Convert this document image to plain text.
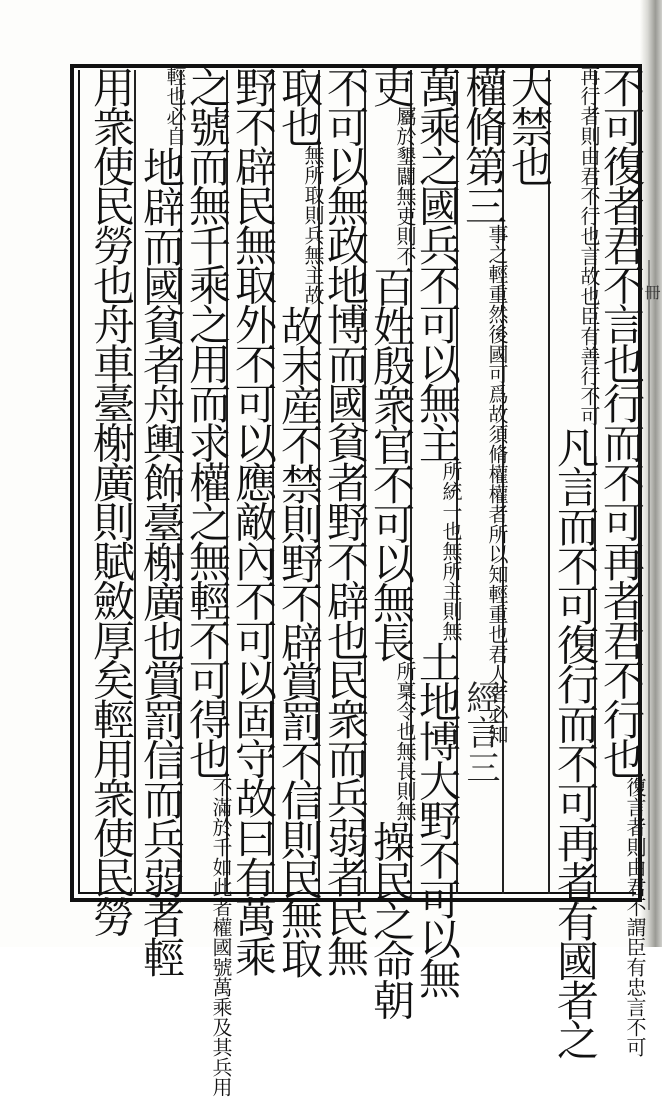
冊
不可復者君不言也行而不可再者君不行也
謂臣有忠言不可
復言者則由君不
言故也臣有善行不可
再行者則由君不行也
凡言而不可復行而不可再者有國者之
大禁也
權脩第三
權者所以知輕重也君人者必知
事之輕重然後國可爲故須脩權
萬乘之國兵不可以無主
無所主則無
所統一也
土地博大野不可以無
吏
無吏則不
屬於墾闢
百姓殷衆官不可以無長
無長則無
所稟令也
操民之命朝
不可以無政地博而國貧者野不辟也民衆而兵弱者民無
取也
兵無主故
無所取則
故末産不禁則野不辟賞罰不信則民無取
野不辟民無取外不可以應敵內不可以固守故曰有萬乘
之號而無千乘之用而求權之無輕不可得也
國號萬乘及其兵用
不滿於千如此者權
必自
輕也
地辟而國貧者舟輿飾臺榭廣也賞罰信而兵弱者輕
用衆使民勞也舟車臺榭廣則賦斂厚矣輕用衆使民勞	經言三
